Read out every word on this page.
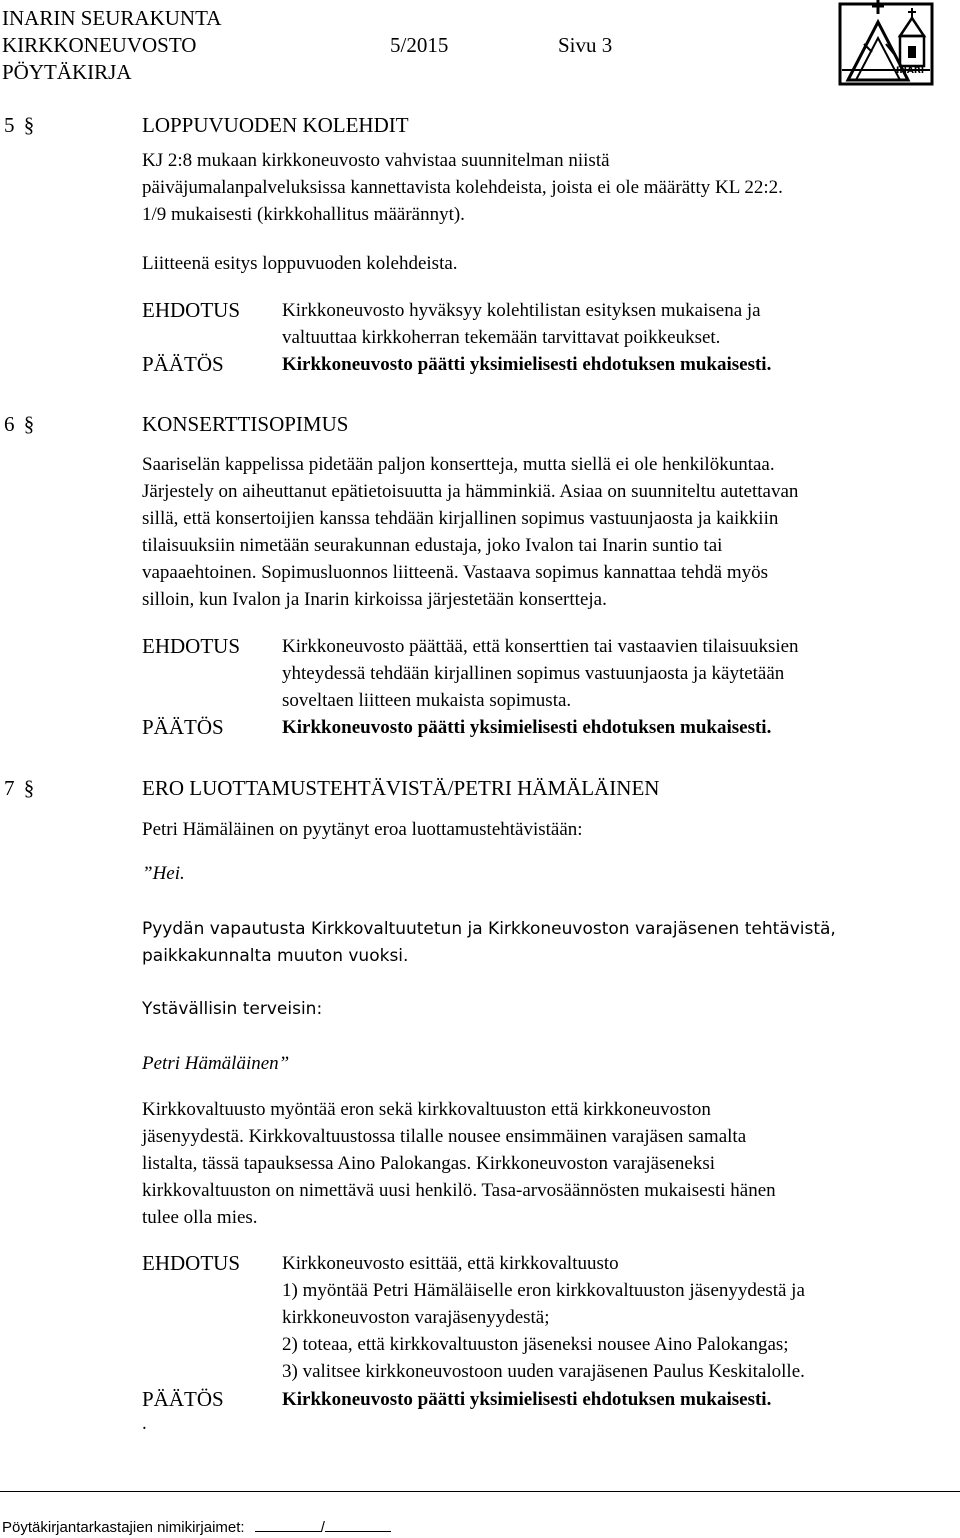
INARIN SEURAKUNTA
KIRKKONEUVOSTO	5/2015	Sivu 3
PÖYTÄKIRJA	INARI
5 §	LOPPUVUODEN KOLEHDIT
KJ 2:8 mukaan kirkkoneuvosto vahvistaa suunnitelman niistä
päiväjumalanpalveluksissa kannettavista kolehdeista, joista ei ole määrätty KL 22:2.
1/9 mukaisesti (kirkkohallitus määrännyt).
Liitteenä esitys loppuvuoden kolehdeista.
EHDOTUS Kirkkoneuvosto hyväksyy kolehtilistan esityksen mukaisena ja
valtuuttaa kirkkoherran tekemään tarvittavat poikkeukset.
PÄÄTÖS	Kirkkoneuvosto päätti yksimielisesti ehdotuksen mukaisesti.
6 §	KONSERTTISOPIMUS
Saariselän kappelissa pidetään paljon konsertteja, mutta siellä ei ole henkilökuntaa.
Järjestely on aiheuttanut epätietoisuutta ja hämminkiä. Asiaa on suunniteltu autettavan
sillä, että konsertoijien kanssa tehdään kirjallinen sopimus vastuunjaosta ja kaikkiin
tilaisuuksiin nimetään seurakunnan edustaja, joko Ivalon tai Inarin suntio tai
vapaaehtoinen. Sopimusluonnos liitteenä. Vastaava sopimus kannattaa tehdä myös
silloin, kun Ivalon ja Inarin kirkoissa järjestetään konsertteja.
EHDOTUS Kirkkoneuvosto päättää, että konserttien tai vastaavien tilaisuuksien
yhteydessä tehdään kirjallinen sopimus vastuunjaosta ja käytetään
soveltaen liitteen mukaista sopimusta.
PÄÄTÖS	Kirkkoneuvosto päätti yksimielisesti ehdotuksen mukaisesti.
7 §	ERO LUOTTAMUSTEHTÄVISTÄ/PETRI HÄMÄLÄINEN
Petri Hämäläinen on pyytänyt eroa luottamustehtävistään:
”Hei.
Pyydän vapautusta Kirkkovaltuutetun ja Kirkkoneuvoston varajäsenen tehtävistä,
paikkakunnalta muuton vuoksi.
Ystävällisin terveisin:
Petri Hämäläinen”
Kirkkovaltuusto myöntää eron sekä kirkkovaltuuston että kirkkoneuvoston
jäsenyydestä. Kirkkovaltuustossa tilalle nousee ensimmäinen varajäsen samalta
listalta, tässä tapauksessa Aino Palokangas. Kirkkoneuvoston varajäseneksi
kirkkovaltuuston on nimettävä uusi henkilö. Tasa-arvosäännösten mukaisesti hänen
tulee olla mies.
EHDOTUS Kirkkoneuvosto esittää, että kirkkovaltuusto
1) myöntää Petri Hämäläiselle eron kirkkovaltuuston jäsenyydestä ja
kirkkoneuvoston varajäsenyydestä;
2) toteaa, että kirkkovaltuuston jäseneksi nousee Aino Palokangas;
3) valitsee kirkkoneuvostoon uuden varajäsenen Paulus Keskitalolle.
PÄÄTÖS	Kirkkoneuvosto päätti yksimielisesti ehdotuksen mukaisesti.
.
Pöytäkirjantarkastajien nimikirjaimet:	/
